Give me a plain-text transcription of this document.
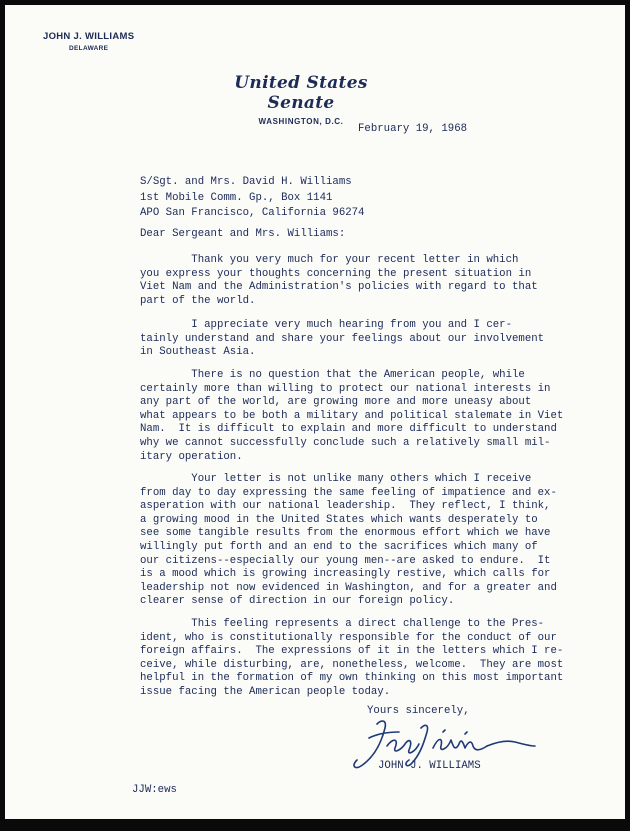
JOHN J. WILLIAMS
DELAWARE
United States Senate
WASHINGTON, D.C.
February 19, 1968
S/Sgt. and Mrs. David H. Williams
1st Mobile Comm. Gp., Box 1141
APO San Francisco, California 96274
Dear Sergeant and Mrs. Williams:
Thank you very much for your recent letter in which
you express your thoughts concerning the present situation in
Viet Nam and the Administration's policies with regard to that
part of the world.
I appreciate very much hearing from you and I cer-
tainly understand and share your feelings about our involvement
in Southeast Asia.
There is no question that the American people, while
certainly more than willing to protect our national interests in
any part of the world, are growing more and more uneasy about
what appears to be both a military and political stalemate in Viet
Nam.  It is difficult to explain and more difficult to understand
why we cannot successfully conclude such a relatively small mil-
itary operation.
Your letter is not unlike many others which I receive
from day to day expressing the same feeling of impatience and ex-
asperation with our national leadership.  They reflect, I think,
a growing mood in the United States which wants desperately to
see some tangible results from the enormous effort which we have
willingly put forth and an end to the sacrifices which many of
our citizens--especially our young men--are asked to endure.  It
is a mood which is growing increasingly restive, which calls for
leadership not now evidenced in Washington, and for a greater and
clearer sense of direction in our foreign policy.
This feeling represents a direct challenge to the Pres-
ident, who is constitutionally responsible for the conduct of our
foreign affairs.  The expressions of it in the letters which I re-
ceive, while disturbing, are, nonetheless, welcome.  They are most
helpful in the formation of my own thinking on this most important
issue facing the American people today.
Yours sincerely,
JOHN J. WILLIAMS
JJW:ews
